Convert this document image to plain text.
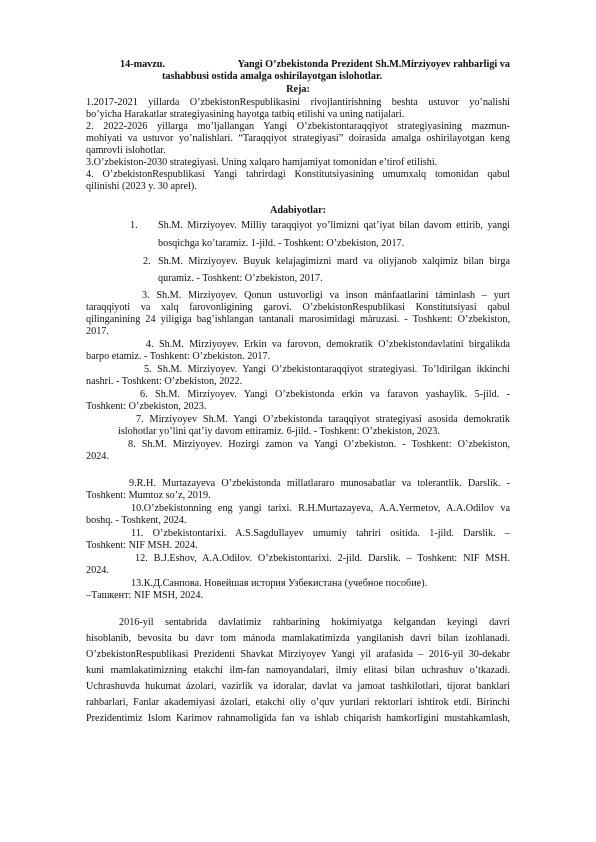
14-mavzu.	Yangi O’zbekistonda Prezident Sh.M.Mirziyoyev rahbarligi va
tashabbusi ostida amalga oshirilayotgan islohotlar.
Reja:
1.2017-2021 yillarda O’zbekistonRespublikasini rivojlantirishning beshta ustuvor yo’nalishi
bo’yicha Harakatlar strategiyasining hayotga tatbiq etilishi va uning natijalari.
2. 2022-2026 yillarga mo’ljallangan Yangi O’zbekistontaraqqiyot strategiyasining mazmun-
mohiyati va ustuvor yo’nalishlari. “Taraqqiyot strategiyasi” doirasida amalga oshirilayotgan keng
qamrovli islohotlar.
3.O’zbekiston-2030 strategiyasi. Uning xalqaro hamjamiyat tomonidan e’tirof etilishi.
4. O’zbekistonRespublikasi Yangi tahrirdagi Konstitutsiyasining umumxalq tomonidan qabul
qilinishi (2023 y. 30 aprel).
Adabiyotlar:
1. Sh.M. Mirziyoyev. Milliy taraqqiyot yo’limizni qat’iyat bilan davom ettirib, yangi
bosqichga ko’taramiz. 1-jild. - Toshkent: O’zbekiston, 2017.
2. Sh.M. Mirziyoyev. Buyuk kelajagimizni mard va oliyjanob xalqimiz bilan birga
quramiz. - Toshkent: O’zbekiston, 2017.
3. Sh.M. Mirziyoyev. Qonun ustuvorligi va inson mánfaatlarini táminlash – yurt
taraqqiyoti va xalq farovonligining garovi. O’zbekistonRespublikasi Konstitutsiyasi qabul
qilinganining 24 yiligiga bag’ishlangan tantanali marosimidagi màruzasi. - Toshkent: O’zbekiston,
2017.
4. Sh.M. Mirziyoyev. Erkin va farovon, demokratik O’zbekistondavlatini birgalikda
barpo etamiz. - Toshkent: O’zbekiston. 2017.
5. Sh.M. Mirziyoyev. Yangi O’zbekistontaraqqiyot strategiyasi. To’ldirilgan ikkinchi
nashri. - Toshkent: O’zbekiston, 2022.
6. Sh.M. Mirziyoyev. Yangi O’zbekistonda erkin va faravon yashaylik. 5-jild. -
Toshkent: O’zbekiston, 2023.
7. Mirziyoyev Sh.M. Yangi O’zbekistonda taraqqiyot strategiyasi asosida demokratik
islohotlar yo’lini qat’iy davom ettiramiz. 6-jild. - Toshkent: O’zbekiston, 2023.
8. Sh.M. Mirziyoyev. Hozirgi zamon va Yangi O’zbekiston. - Toshkent: O’zbekiston,
2024.
9.R.H. Murtazayeva O’zbekistonda millatlararo munosabatlar va tolerantlik. Darslik. -
Toshkent: Mumtoz so’z, 2019.
10.O’zbekistonning eng yangi tarixi. R.H.Murtazayeva, A.A.Yermetov, A.A.Odilov va
boshq. - Toshkent, 2024.
11. O’zbekistontarixi. A.S.Sagdullayev umumiy tahriri ositida. 1-jild. Darslik. –
Toshkent: NIF MSH. 2024.
12. B.J.Eshov, A.A.Odilov. O’zbekistontarixi. 2-jild. Darslik. – Toshkent: NIF MSH.
2024.
13.К.Д.Санпова. Новейшая история Узбекистана (учебное пособие).
–Ташкент: NIF MSH, 2024.
2016-yil sentabrida davlatimiz rahbarining hokimiyatga kelgandan keyingi davri
hisoblanib, bevosita bu davr tom mánoda mamlakatimizda yangilanish davri bilan izohlanadi.
O’zbekistonRespublikasi Prezidenti Shavkat Mirziyoyev Yangi yil arafasida – 2016-yil 30-dekabr
kuni mamlakatimizning etakchi ilm-fan namoyandalari, ilmiy elitasi bilan uchrashuv o’tkazadi.
Uchrashuvda hukumat ázolari, vazirlik va idoralar, davlat va jamoat tashkilotlari, tijorat banklari
rahbarlari, Fanlar akademiyasi ázolari, etakchi oliy o’quv yurtlari rektorlari ishtirok etdi. Birinchi
Prezidentimiz Islom Karimov rahnamoligida fan va ishlab chiqarish hamkorligini mustahkamlash,
